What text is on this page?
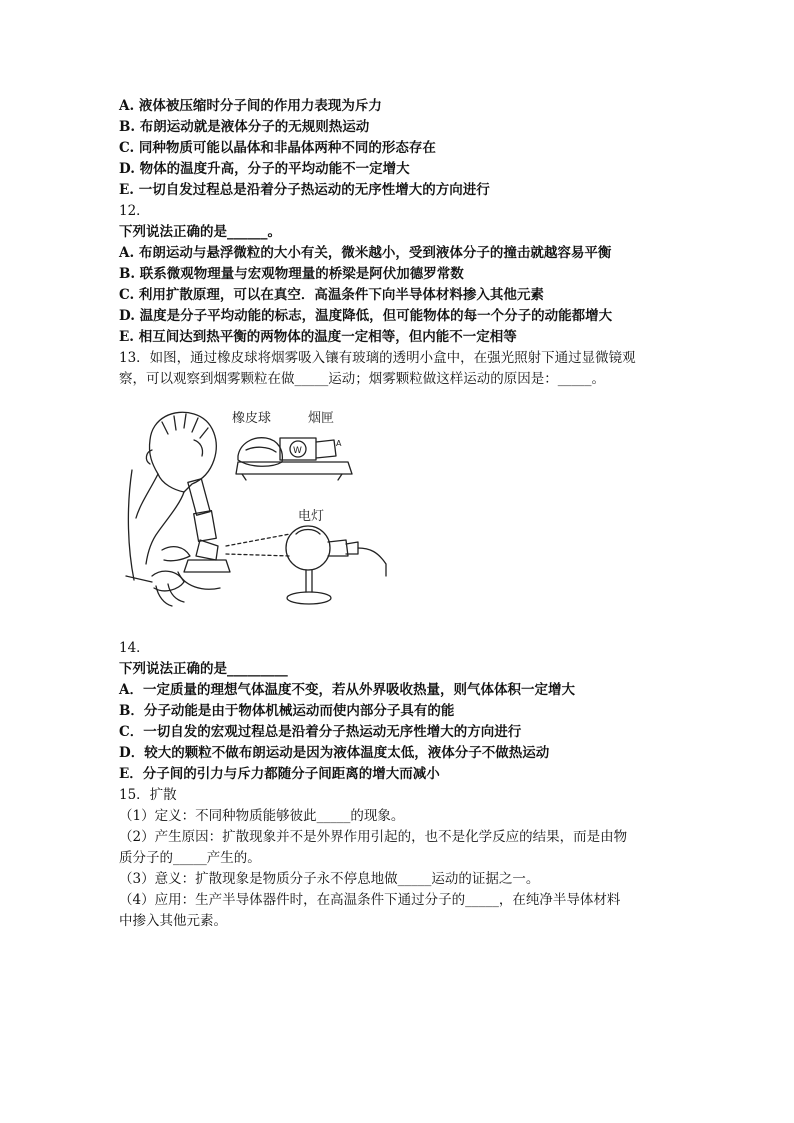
A. 液体被压缩时分子间的作用力表现为斥力
B. 布朗运动就是液体分子的无规则热运动
C. 同种物质可能以晶体和非晶体两种不同的形态存在
D. 物体的温度升高，分子的平均动能不一定增大
E. 一切自发过程总是沿着分子热运动的无序性增大的方向进行
12．
下列说法正确的是______。
A. 布朗运动与悬浮微粒的大小有关，微米越小，受到液体分子的撞击就越容易平衡
B. 联系微观物理量与宏观物理量的桥梁是阿伏加德罗常数
C. 利用扩散原理，可以在真空．高温条件下向半导体材料掺入其他元素
D. 温度是分子平均动能的标志，温度降低，但可能物体的每一个分子的动能都增大
E. 相互间达到热平衡的两物体的温度一定相等，但内能不一定相等
13．如图，通过橡皮球将烟雾吸入镶有玻璃的透明小盒中，在强光照射下通过显微镜观
察，可以观察到烟雾颗粒在做_____运动；烟雾颗粒做这样运动的原因是：_____。
橡皮球	烟匣
电灯
W
A
14．
下列说法正确的是_________
A．一定质量的理想气体温度不变，若从外界吸收热量，则气体体积一定增大
B．分子动能是由于物体机械运动而使内部分子具有的能
C．一切自发的宏观过程总是沿着分子热运动无序性增大的方向进行
D．较大的颗粒不做布朗运动是因为液体温度太低，液体分子不做热运动
E．分子间的引力与斥力都随分子间距离的增大而减小
15．扩散
（1）定义：不同种物质能够彼此_____的现象。
（2）产生原因：扩散现象并不是外界作用引起的，也不是化学反应的结果，而是由物
质分子的_____产生的。
（3）意义：扩散现象是物质分子永不停息地做_____运动的证据之一。
（4）应用：生产半导体器件时，在高温条件下通过分子的_____，在纯净半导体材料
中掺入其他元素。
